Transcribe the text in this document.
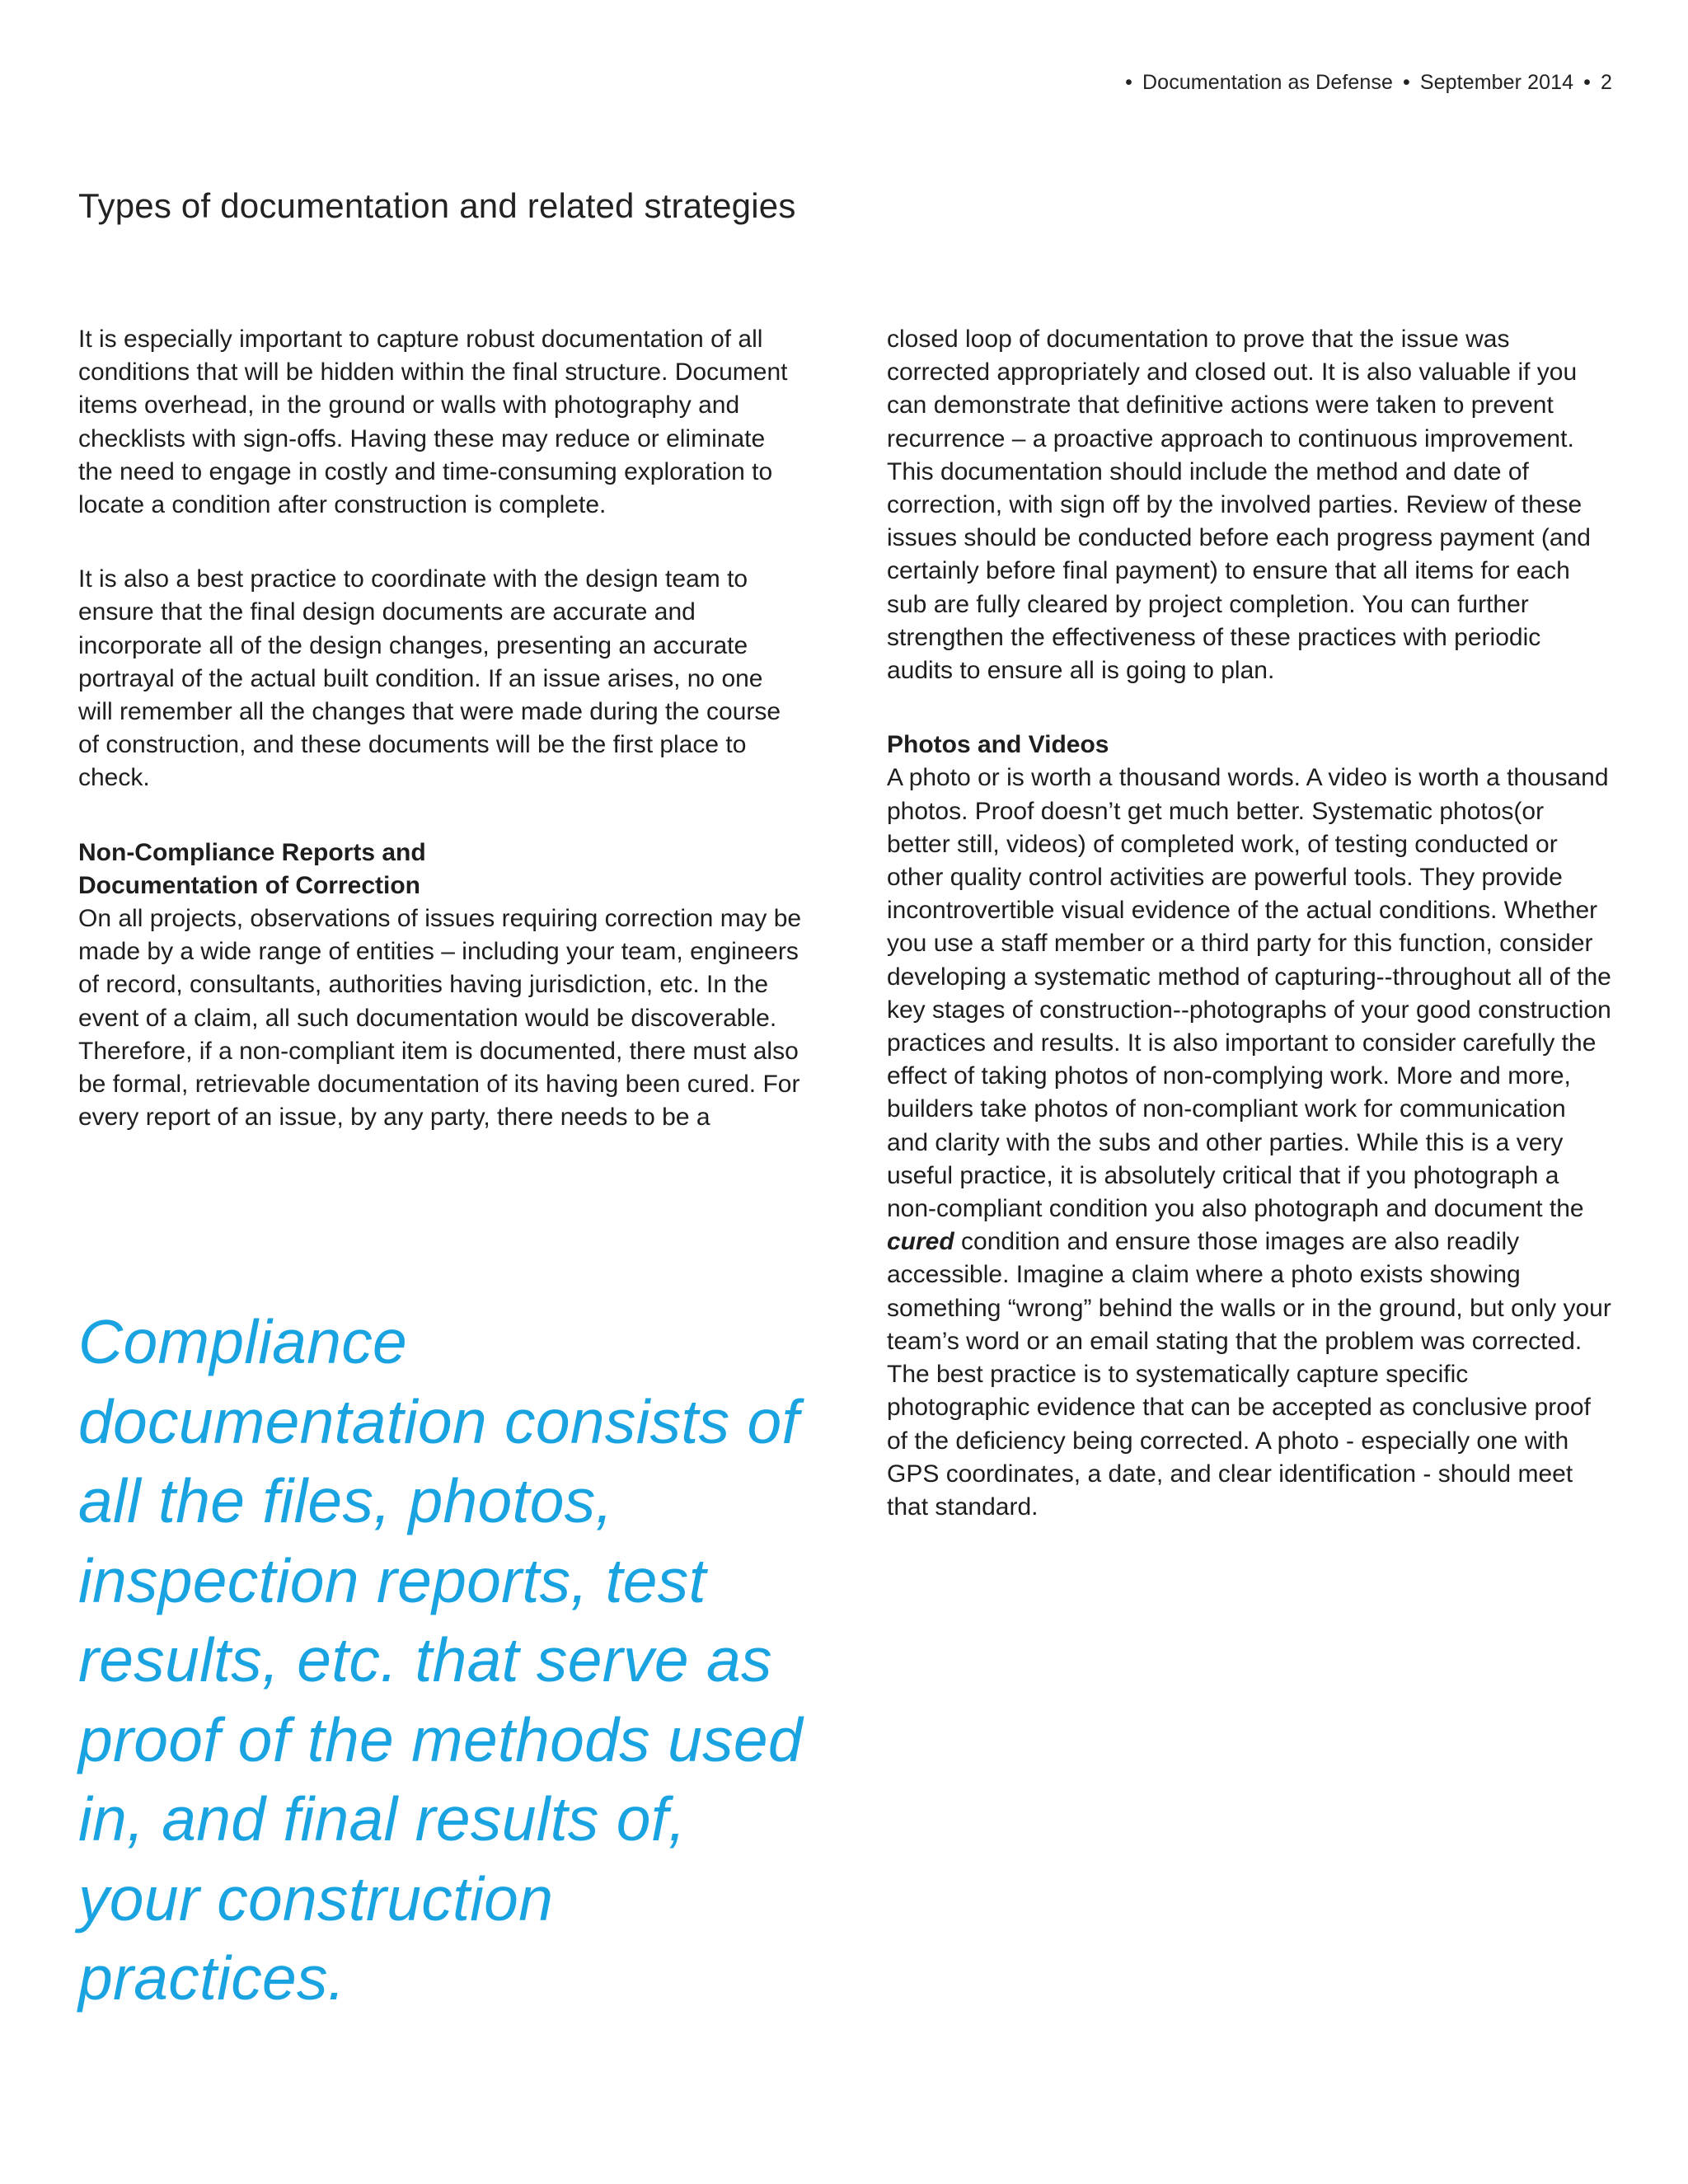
• Documentation as Defense • September 2014 • 2
Types of documentation and related strategies

It is especially important to capture robust documentation of all conditions that will be hidden within the final structure. Document items overhead, in the ground or walls with photography and checklists with sign-offs. Having these may reduce or eliminate the need to engage in costly and time-consuming exploration to locate a condition after construction is complete.

It is also a best practice to coordinate with the design team to ensure that the final design documents are accurate and incorporate all of the design changes, presenting an accurate portrayal of the actual built condition. If an issue arises, no one will remember all the changes that were made during the course of construction, and these documents will be the first place to check.

Non-Compliance Reports and
Documentation of Correction

On all projects, observations of issues requiring correction may be made by a wide range of entities – including your team, engineers of record, consultants, authorities having jurisdiction, etc. In the event of a claim, all such documentation would be discoverable. Therefore, if a non-compliant item is documented, there must also be formal, retrievable documentation of its having been cured. For every report of an issue, by any party, there needs to be a

Compliance documentation consists of all the files, photos, inspection reports, test results, etc. that serve as proof of the methods used in, and final results of, your construction practices.

closed loop of documentation to prove that the issue was corrected appropriately and closed out. It is also valuable if you can demonstrate that definitive actions were taken to prevent recurrence – a proactive approach to continuous improvement. This documentation should include the method and date of correction, with sign off by the involved parties. Review of these issues should be conducted before each progress payment (and certainly before final payment) to ensure that all items for each sub are fully cleared by project completion. You can further strengthen the effectiveness of these practices with periodic audits to ensure all is going to plan.

Photos and Videos

A photo or is worth a thousand words. A video is worth a thousand photos. Proof doesn’t get much better. Systematic photos(or better still, videos) of completed work, of testing conducted or other quality control activities are powerful tools. They provide incontrovertible visual evidence of the actual conditions. Whether you use a staff member or a third party for this function, consider developing a systematic method of capturing--throughout all of the key stages of construction--photographs of your good construction practices and results. It is also important to consider carefully the effect of taking photos of non-complying work. More and more, builders take photos of non-compliant work for communication and clarity with the subs and other parties. While this is a very useful practice, it is absolutely critical that if you photograph a non-compliant condition you also photograph and document the cured condition and ensure those images are also readily accessible. Imagine a claim where a photo exists showing something “wrong” behind the walls or in the ground, but only your team’s word or an email stating that the problem was corrected. The best practice is to systematically capture specific photographic evidence that can be accepted as conclusive proof of the deficiency being corrected. A photo - especially one with GPS coordinates, a date, and clear identification - should meet that standard.
